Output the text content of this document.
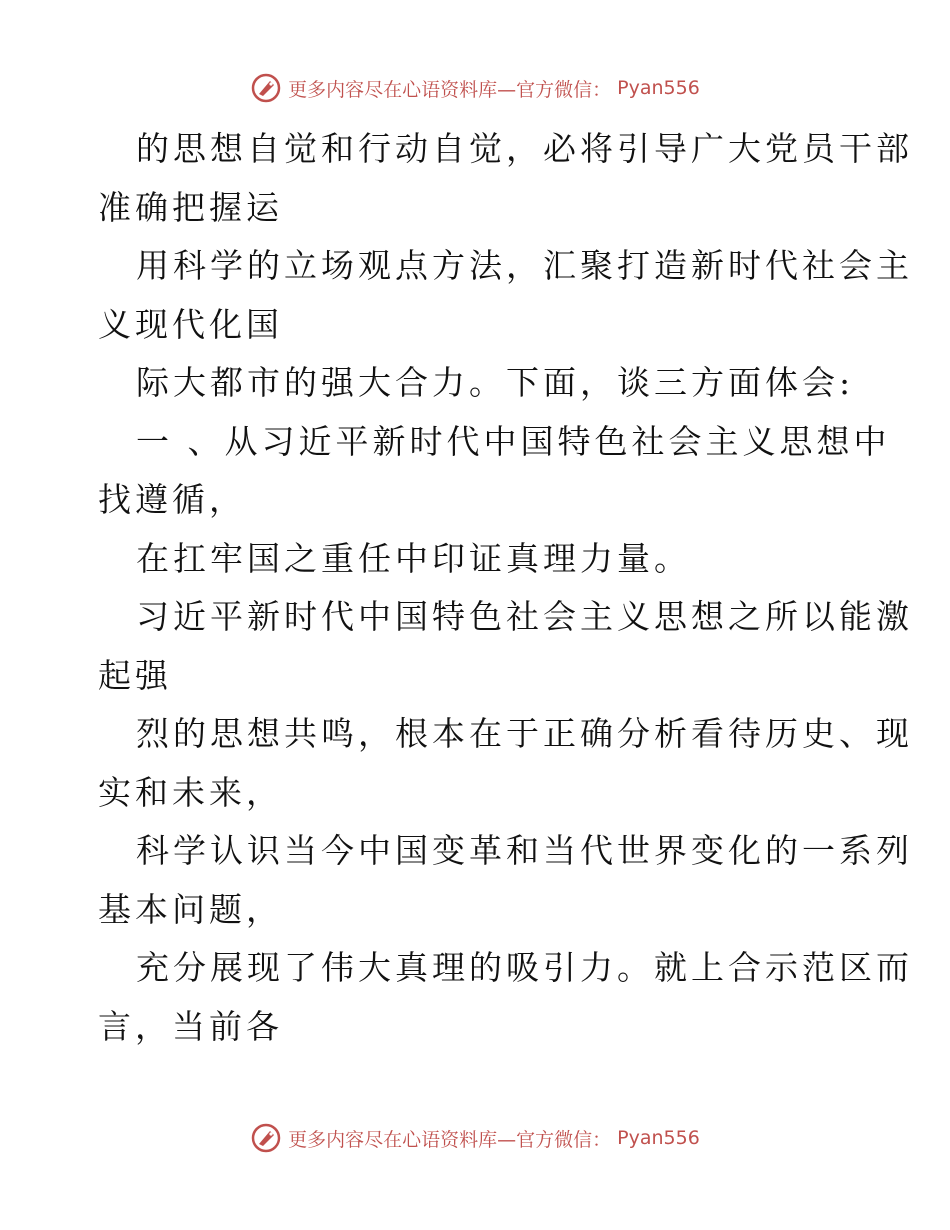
更多内容尽在心语资料库—官方微信： Pyan556
的思想自觉和行动自觉，必将引导广大党员干部
准确把握运
用科学的立场观点方法，汇聚打造新时代社会主
义现代化国
际大都市的强大合力。下面，谈三方面体会:
一 、从习近平新时代中国特色社会主义思想中
找遵循，
在扛牢国之重任中印证真理力量。
习近平新时代中国特色社会主义思想之所以能激
起强
烈的思想共鸣，根本在于正确分析看待历史、现
实和未来，
科学认识当今中国变革和当代世界变化的一系列
基本问题，
充分展现了伟大真理的吸引力。就上合示范区而
言，当前各
更多内容尽在心语资料库—官方微信： Pyan556
